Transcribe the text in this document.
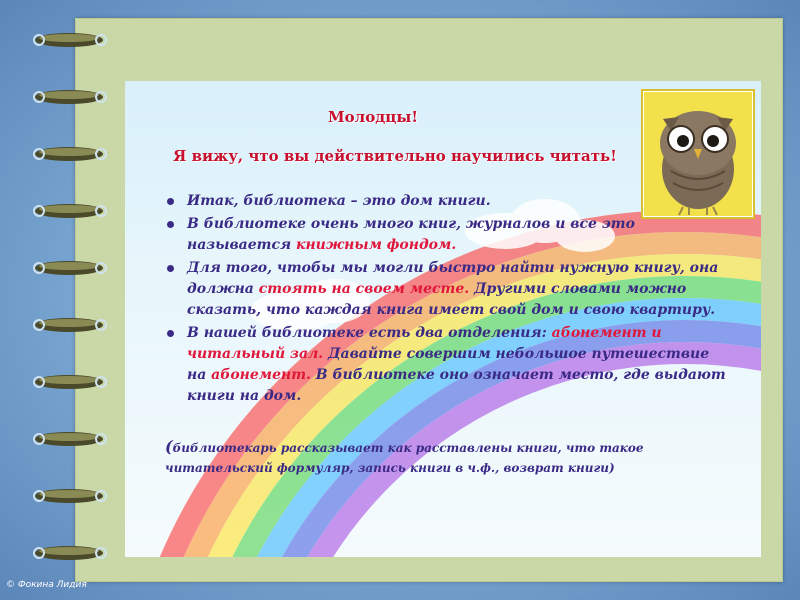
Молодцы!
Я вижу, что вы действительно научились читать!
Итак, библиотека – это дом книги.
В библиотеке очень много книг, журналов и все это называется книжным фондом.
Для того, чтобы мы могли быстро найти нужную книгу, она должна стоять на своем месте. Другими словами можно сказать, что каждая книга имеет свой дом и свою квартиру.
В нашей библиотеке есть два отделения: абонемент и читальный зал. Давайте совершим небольшое путешествие на абонемент. В библиотеке оно означает место, где выдают книги на дом.
(библиотекарь рассказывает как расставлены книги, что такое читательский формуляр, запись книги в ч.ф., возврат книги)
© Фокина Лидия
